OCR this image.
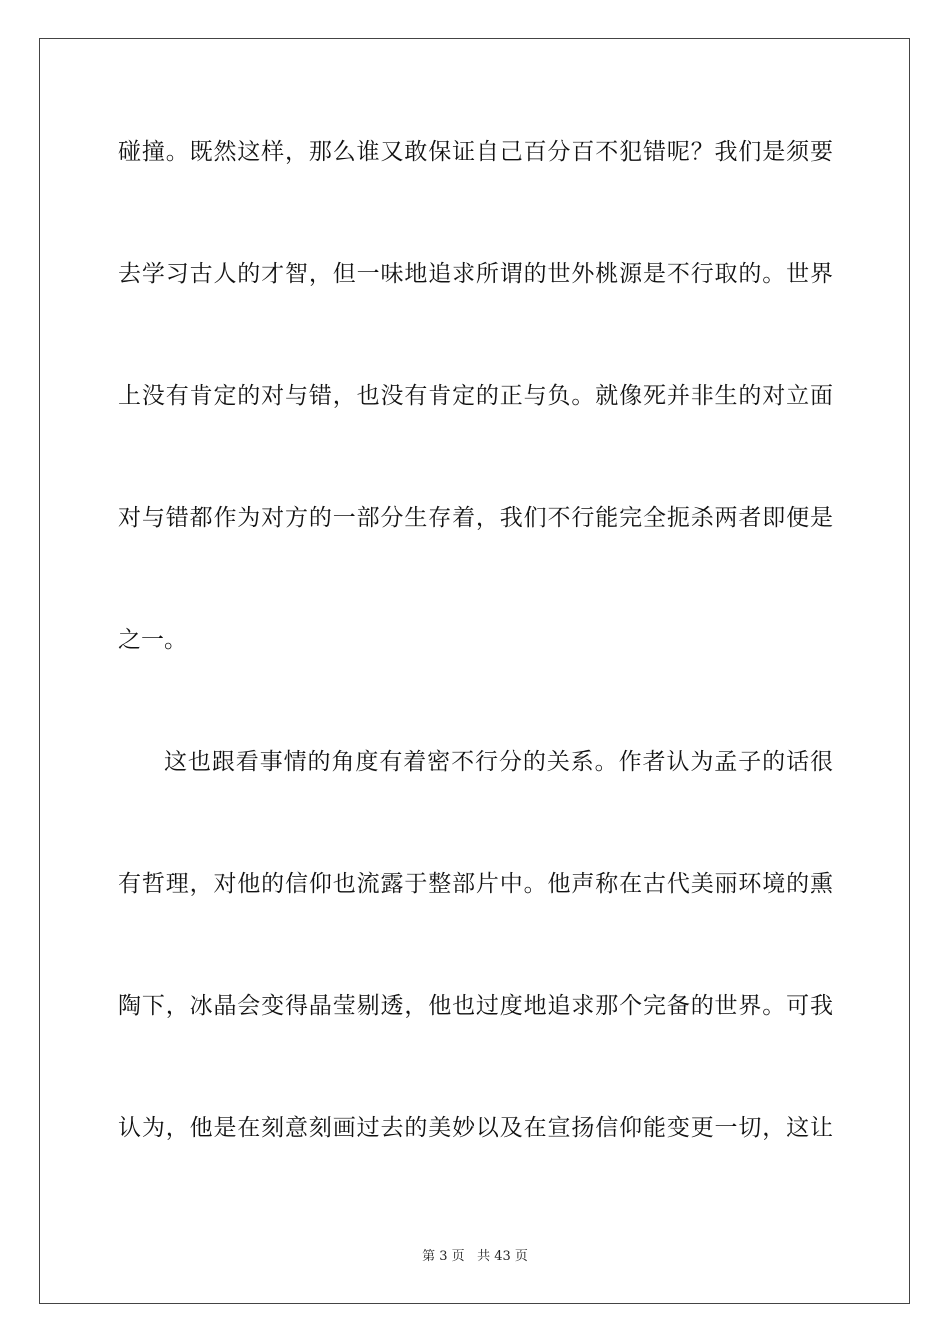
碰撞。既然这样，那么谁又敢保证自己百分百不犯错呢？我们是须要
去学习古人的才智，但一味地追求所谓的世外桃源是不行取的。世界
上没有肯定的对与错，也没有肯定的正与负。就像死并非生的对立面
对与错都作为对方的一部分生存着，我们不行能完全扼杀两者即便是
之一。
这也跟看事情的角度有着密不行分的关系。作者认为孟子的话很
有哲理，对他的信仰也流露于整部片中。他声称在古代美丽环境的熏
陶下，冰晶会变得晶莹剔透，他也过度地追求那个完备的世界。可我
认为，他是在刻意刻画过去的美妙以及在宣扬信仰能变更一切，这让
第 3 页 共 43 页
